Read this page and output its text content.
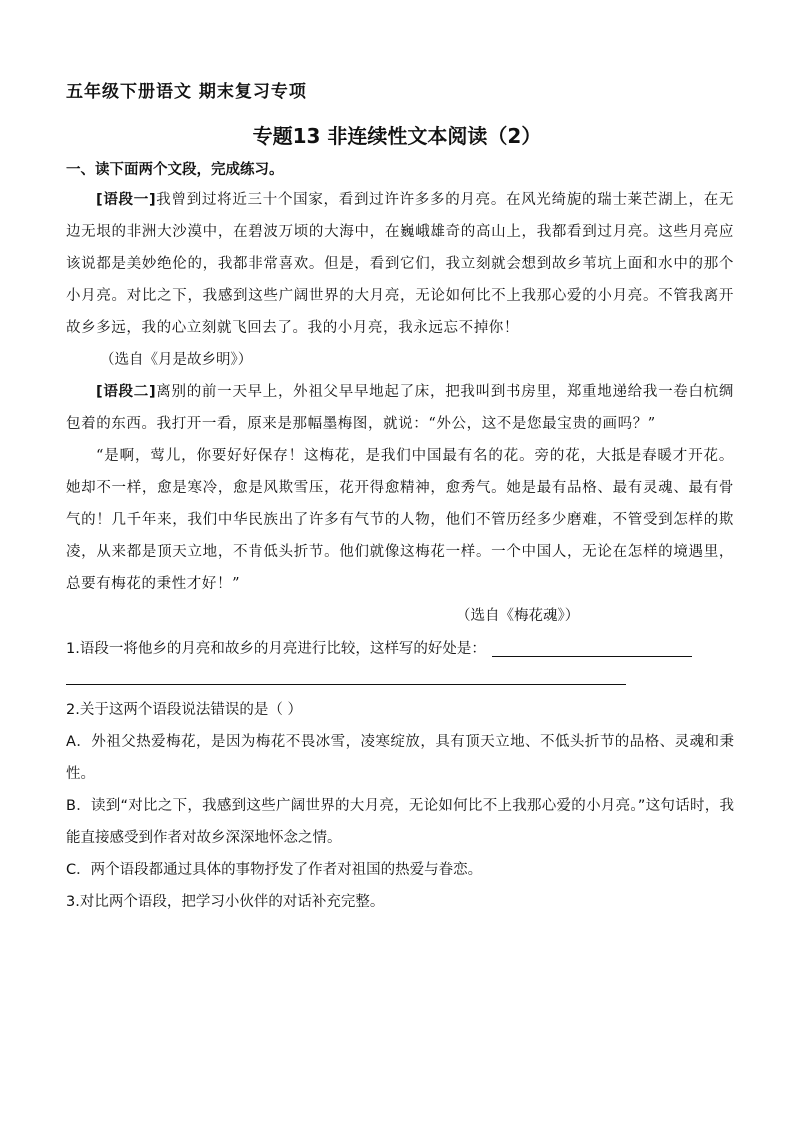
五年级下册语文 期末复习专项
专题13 非连续性文本阅读（2）
一、读下面两个文段，完成练习。
[语段一]我曾到过将近三十个国家，看到过许许多多的月亮。在风光绮旎的瑞士莱芒湖上，在无边无垠的非洲大沙漠中，在碧波万顷的大海中，在巍峨雄奇的高山上，我都看到过月亮。这些月亮应该说都是美妙绝伦的，我都非常喜欢。但是，看到它们，我立刻就会想到故乡苇坑上面和水中的那个小月亮。对比之下，我感到这些广阔世界的大月亮，无论如何比不上我那心爱的小月亮。不管我离开故乡多远，我的心立刻就飞回去了。我的小月亮，我永远忘不掉你！
（选自《月是故乡明》）
[语段二]离别的前一天早上，外祖父早早地起了床，把我叫到书房里，郑重地递给我一卷白杭绸包着的东西。我打开一看，原来是那幅墨梅图，就说：“外公，这不是您最宝贵的画吗？”
“是啊，莺儿，你要好好保存！这梅花，是我们中国最有名的花。旁的花，大抵是春暖才开花。她却不一样，愈是寒冷，愈是风欺雪压，花开得愈精神，愈秀气。她是最有品格、最有灵魂、最有骨气的！几千年来，我们中华民族出了许多有气节的人物，他们不管历经多少磨难，不管受到怎样的欺凌，从来都是顶天立地，不肯低头折节。他们就像这梅花一样。一个中国人，无论在怎样的境遇里，总要有梅花的秉性才好！”
（选自《梅花魂》）
1.语段一将他乡的月亮和故乡的月亮进行比较，这样写的好处是：
2.关于这两个语段说法错误的是（ ）
A．外祖父热爱梅花，是因为梅花不畏冰雪，凌寒绽放，具有顶天立地、不低头折节的品格、灵魂和秉性。
B．读到“对比之下，我感到这些广阔世界的大月亮，无论如何比不上我那心爱的小月亮。”这句话时，我能直接感受到作者对故乡深深地怀念之情。
C．两个语段都通过具体的事物抒发了作者对祖国的热爱与眷恋。
3.对比两个语段，把学习小伙伴的对话补充完整。
